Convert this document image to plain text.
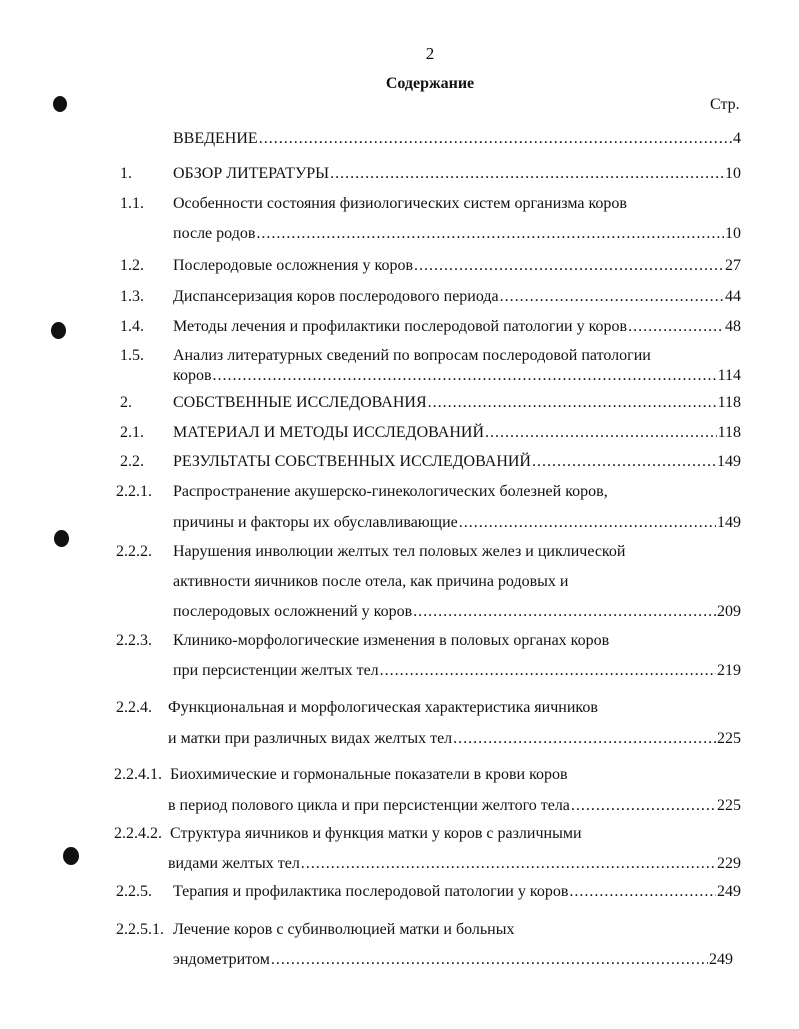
2
Содержание
Стр.
ВВЕДЕНИЕ .....	4
1.	ОБЗОР ЛИТЕРАТУРЫ .....	10
1.1. Особенности состояния физиологических систем организма коров
после родов .....	10
1.2. Послеродовые осложнения у коров .....	27
1.3. Диспансеризация коров послеродового периода .....	44
1.4. Методы лечения и профилактики послеродовой патологии у коров .....	48
1.5. Анализ литературных сведений по вопросам послеродовой патологии
коров .....	114
2.	СОБСТВЕННЫЕ ИССЛЕДОВАНИЯ .....	118
2.1. МАТЕРИАЛ И МЕТОДЫ ИССЛЕДОВАНИЙ .....	118
2.2. РЕЗУЛЬТАТЫ СОБСТВЕННЫХ ИССЛЕДОВАНИЙ .....	149
2.2.1. Распространение акушерско-гинекологических болезней коров,
причины и факторы их обуславливающие .....	149
2.2.2. Нарушения инволюции желтых тел половых желез и циклической
активности яичников после отела, как причина родовых и
послеродовых осложнений у коров .....	209
2.2.3. Клинико-морфологические изменения в половых органах коров
при персистенции желтых тел .....	219
2.2.4. Функциональная и морфологическая характеристика яичников
и матки при различных видах желтых тел .....	225
2.2.4.1. Биохимические и гормональные показатели в крови коров
в период полового цикла и при персистенции желтого тела .....	225
2.2.4.2. Структура яичников и функция матки у коров с различными
видами желтых тел .....	229
2.2.5. Терапия и профилактика послеродовой патологии у коров .....	249
2.2.5.1. Лечение коров с субинволюцией матки и больных
эндометритом .....	249
